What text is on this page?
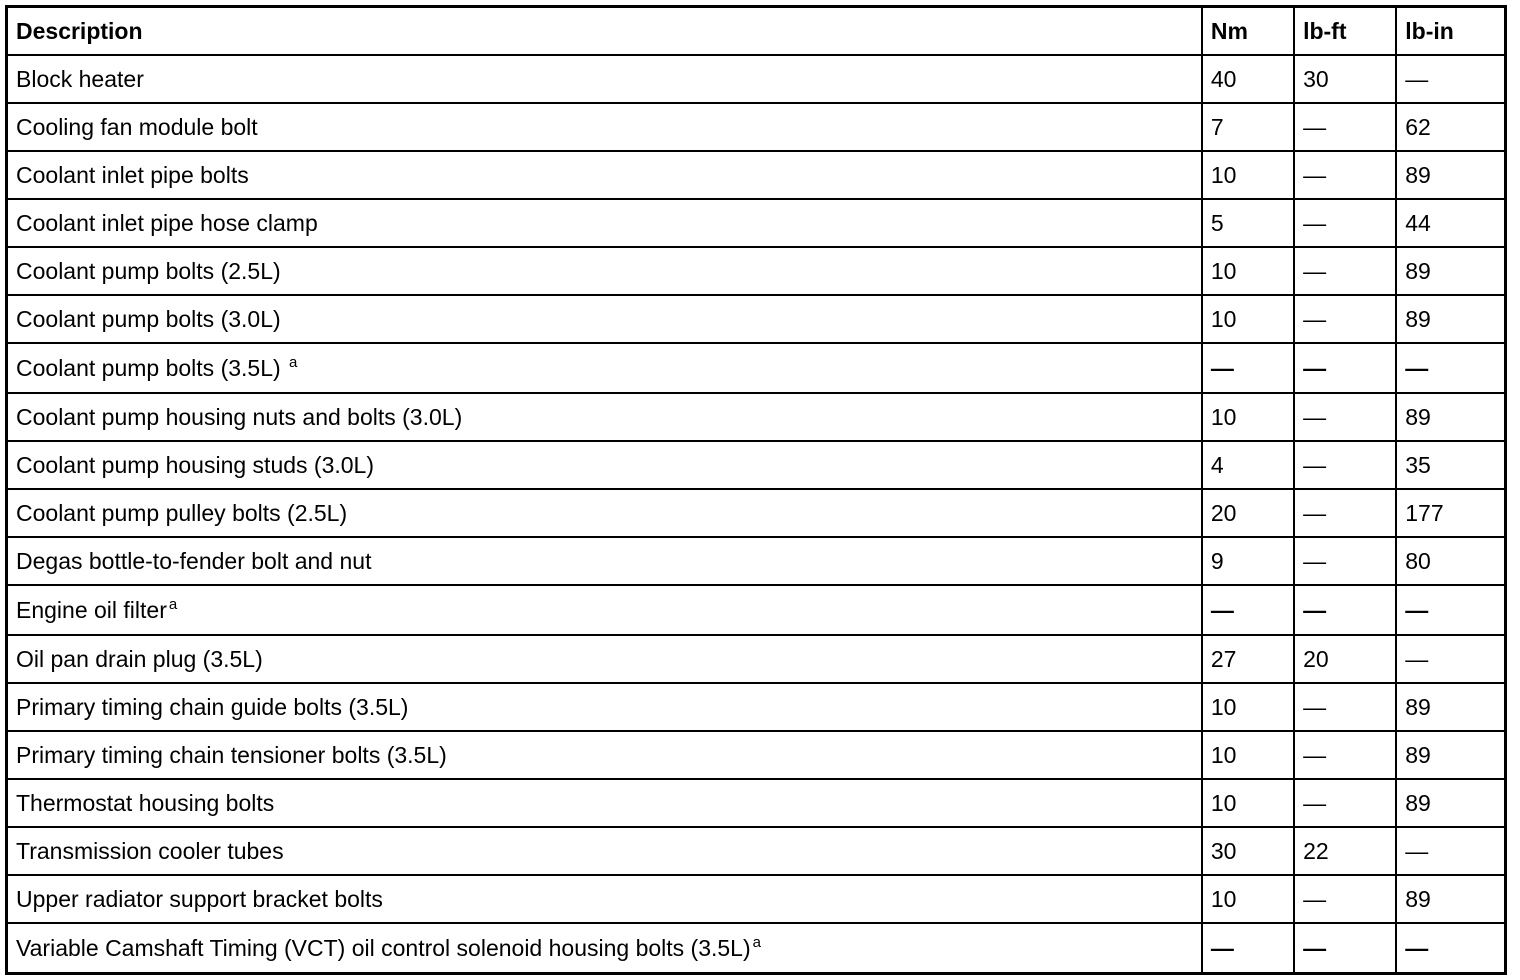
Description	Nm	lb-ft	lb-in
Block heater	40	30	—
Cooling fan module bolt	7	—	62
Coolant inlet pipe bolts	10	—	89
Coolant inlet pipe hose clamp	5	—	44
Coolant pump bolts (2.5L)	10	—	89
Coolant pump bolts (3.0L)	10	—	89
Coolant pump bolts (3.5L) $^a$	—	—	—
Coolant pump housing nuts and bolts (3.0L)	10	—	89
Coolant pump housing studs (3.0L)	4	—	35
Coolant pump pulley bolts (2.5L)	20	—	177
Degas bottle-to-fender bolt and nut	9	—	80
Engine oil filter $^a$	—	—	—
Oil pan drain plug (3.5L)	27	20	—
Primary timing chain guide bolts (3.5L)	10	—	89
Primary timing chain tensioner bolts (3.5L)	10	—	89
Thermostat housing bolts	10	—	89
Transmission cooler tubes	30	22	—
Upper radiator support bracket bolts	10	—	89
Variable Camshaft Timing (VCT) oil control solenoid housing bolts (3.5L) $^a$	—	—	—
